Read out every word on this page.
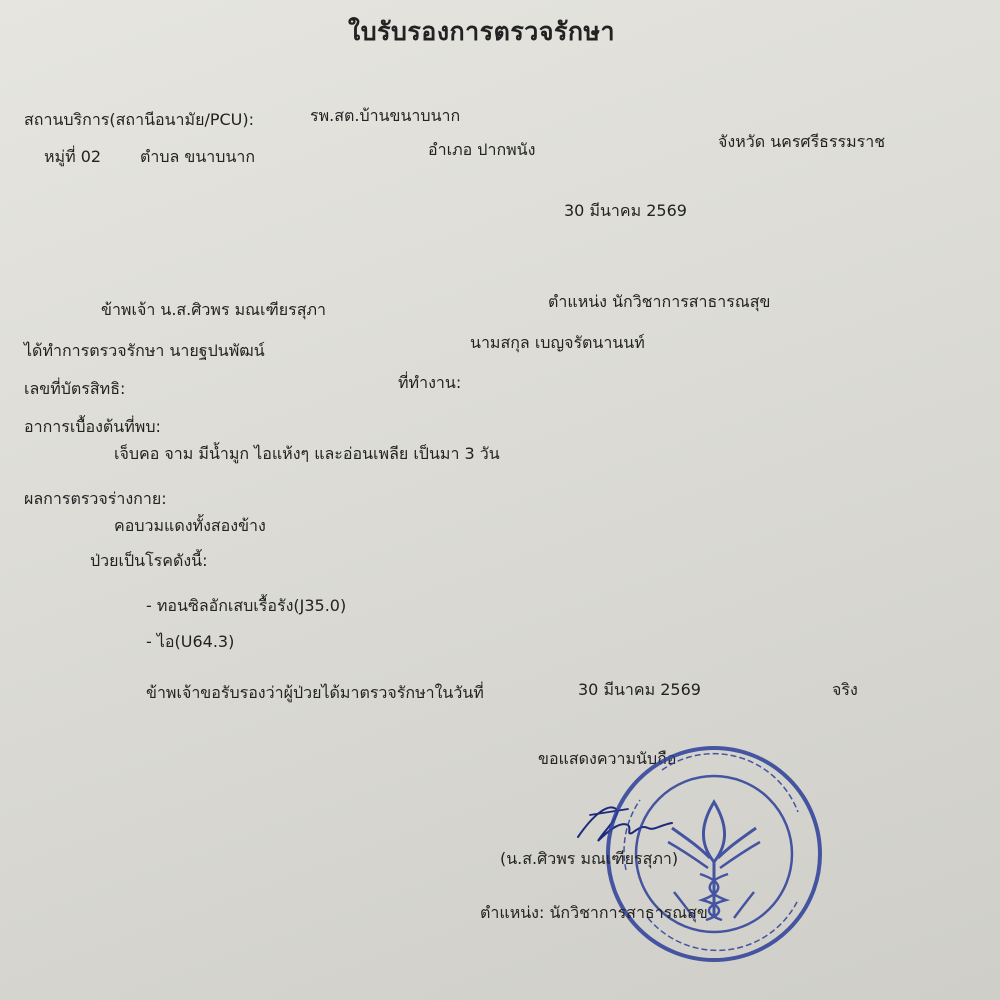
ใบรับรองการตรวจรักษา
สถานบริการ(สถานีอนามัย/PCU):	รพ.สต.บ้านขนาบนาก
หมู่ที่ 02 ตำบล ขนาบนาก	อำเภอ ปากพนัง	จังหวัด นครศรีธรรมราช
30 มีนาคม 2569
ข้าพเจ้า น.ส.ศิวพร มณเฑียรสุภา	ตำแหน่ง นักวิชาการสาธารณสุข
ได้ทำการตรวจรักษา นายฐปนพัฒน์	นามสกุล เบญจรัตนานนท์
เลขที่บัตรสิทธิ:	ที่ทำงาน:
อาการเบื้องต้นที่พบ:
เจ็บคอ จาม มีน้ำมูก ไอแห้งๆ และอ่อนเพลีย เป็นมา 3 วัน
ผลการตรวจร่างกาย:
คอบวมแดงทั้งสองข้าง
ป่วยเป็นโรคดังนี้:
- ทอนซิลอักเสบเรื้อรัง(J35.0)
- ไอ(U64.3)
ข้าพเจ้าขอรับรองว่าผู้ป่วยได้มาตรวจรักษาในวันที่	30 มีนาคม 2569	จริง
ขอแสดงความนับถือ
(น.ส.ศิวพร มณเฑียรสุภา)
ตำแหน่ง: นักวิชาการสาธารณสุข
